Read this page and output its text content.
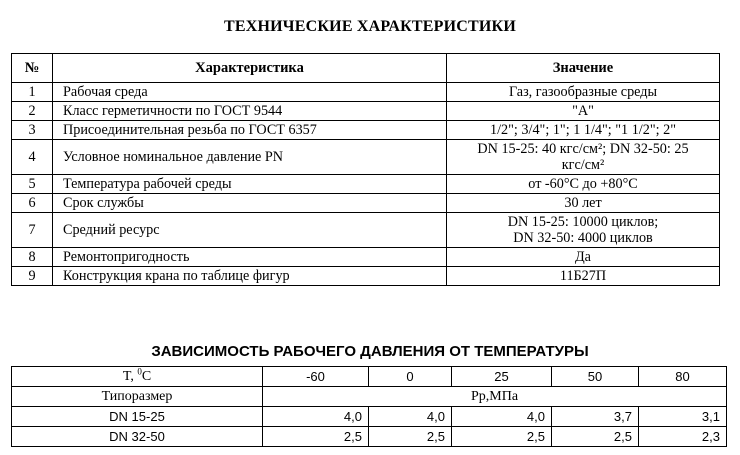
ТЕХНИЧЕСКИЕ ХАРАКТЕРИСТИКИ
№	Характеристика	Значение
1	Рабочая среда	Газ, газообразные среды
2	Класс герметичности по ГОСТ 9544	"A"
3	Присоединительная резьба по ГОСТ 6357	1/2"; 3/4"; 1"; 1 1/4"; "1 1/2"; 2"
4	Условное номинальное давление PN	DN 15-25: 40 кгс/см²; DN 32-50: 25
кгс/см²

5	Температура рабочей среды	от -60°С до +80°С
6	Срок службы	30 лет
7	Средний ресурс	DN 15-25: 10000 циклов;
DN 32-50: 4000 циклов

8	Ремонтопригодность	Да
9	Конструкция крана по таблице фигур	11Б27П
ЗАВИСИМОСТЬ РАБОЧЕГО ДАВЛЕНИЯ ОТ ТЕМПЕРАТУРЫ
T, $^0$C	-60	0	25	50	80
Типоразмер	Рр,МПа				
DN 15-25	4,0	4,0	4,0	3,7	3,1
DN 32-50	2,5	2,5	2,5	2,5	2,3
